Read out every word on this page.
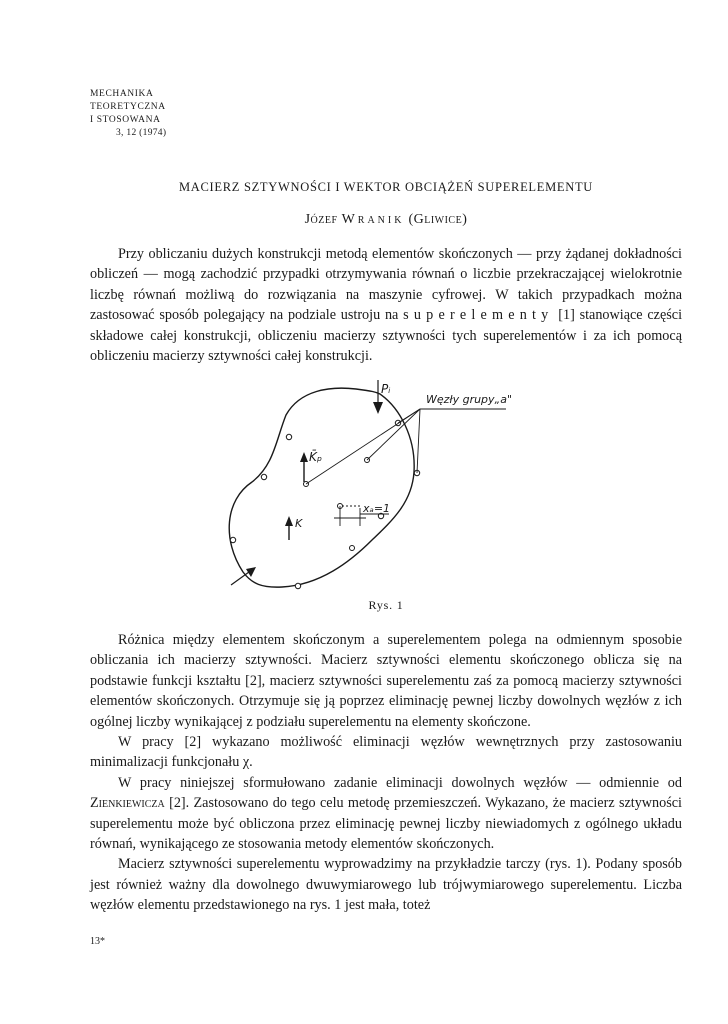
MECHANIKA
TEORETYCZNA
I STOSOWANA
3, 12 (1974)
MACIERZ SZTYWNOŚCI I WEKTOR OBCIĄŻEŃ SUPERELEMENTU
Józef Wranik (Gliwice)

Przy obliczaniu dużych konstrukcji metodą elementów skończonych — przy żądanej dokładności obliczeń — mogą zachodzić przypadki otrzymywania równań o liczbie przekraczającej wielokrotnie liczbę równań możliwą do rozwiązania na maszynie cyfrowej. W takich przypadkach można zastosować sposób polegający na podziale ustroju na superelementy [1] stanowiące części składowe całej konstrukcji, obliczeniu macierzy sztywności tych superelementów i za ich pomocą obliczeniu macierzy sztywności całej konstrukcji.

Pᵢ
Węzły grupy„a"
K̄ₚ
K
xₐ=1
Rys. 1

Różnica między elementem skończonym a superelementem polega na odmiennym sposobie obliczania ich macierzy sztywności. Macierz sztywności elementu skończonego oblicza się na podstawie funkcji kształtu [2], macierz sztywności superelementu zaś za pomocą macierzy sztywności elementów skończonych. Otrzymuje się ją poprzez eliminację pewnej liczby dowolnych węzłów z ich ogólnej liczby wynikającej z podziału superelementu na elementy skończone.

W pracy [2] wykazano możliwość eliminacji węzłów wewnętrznych przy zastosowaniu minimalizacji funkcjonału χ.

W pracy niniejszej sformułowano zadanie eliminacji dowolnych węzłów — odmiennie od Zienkiewicza [2]. Zastosowano do tego celu metodę przemieszczeń. Wykazano, że macierz sztywności superelementu może być obliczona przez eliminację pewnej liczby niewiadomych z ogólnego układu równań, wynikającego ze stosowania metody elementów skończonych.

Macierz sztywności superelementu wyprowadzimy na przykładzie tarczy (rys. 1). Podany sposób jest również ważny dla dowolnego dwuwymiarowego lub trójwymiarowego superelementu. Liczba węzłów elementu przedstawionego na rys. 1 jest mała, toteż

13*
